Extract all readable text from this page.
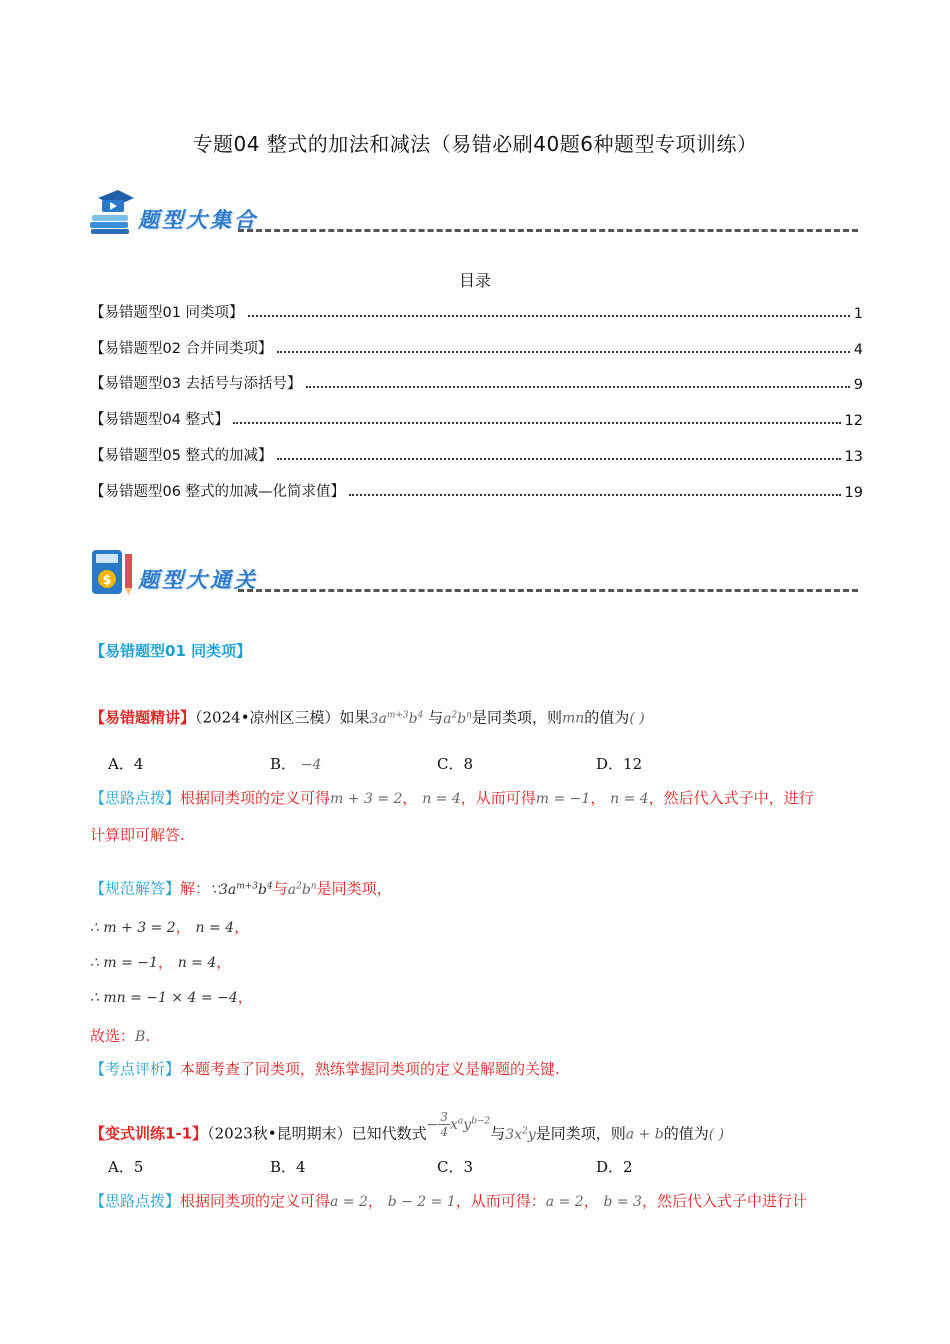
专题04 整式的加法和减法（易错必刷40题6种题型专项训练）
题型大集合
目录
【易错题型01 同类项】	1
【易错题型02 合并同类项】	4
【易错题型03 去括号与添括号】	9
【易错题型04 整式】	12
【易错题型05 整式的加减】	13
【易错题型06 整式的加减—化简求值】	19
$ 题型大通关
【易错题型01 同类项】
【易错题精讲】（2024•凉州区三模）如果$3a^{m+3}b^4$ 与$a^2b^n$是同类项，则mn的值为( )
A．4	B． −4	C．8	D．12
【思路点拨】根据同类项的定义可得m + 3 = 2， n = 4，从而可得m = −1， n = 4，然后代入式子中，进行
计算即可解答.
【规范解答】解：$\because 3a^{m+3}b^4$与$a^2b^n$是同类项，
∴ m + 3 = 2， n = 4，
∴ m = −1， n = 4，
∴ mn = −1 × 4 = −4，
故选：B.
【考点评析】本题考查了同类项，熟练掌握同类项的定义是解题的关键.
【变式训练1-1】（2023秋•昆明期末）已知代数式− $\frac{3}{4} x^ay^{b-2}$与$3x^2y$是同类项，则a + b的值为( )
A．5	B．4	C．3	D．2
【思路点拨】根据同类项的定义可得a = 2， b − 2 = 1，从而可得：a = 2， b = 3，然后代入式子中进行计
